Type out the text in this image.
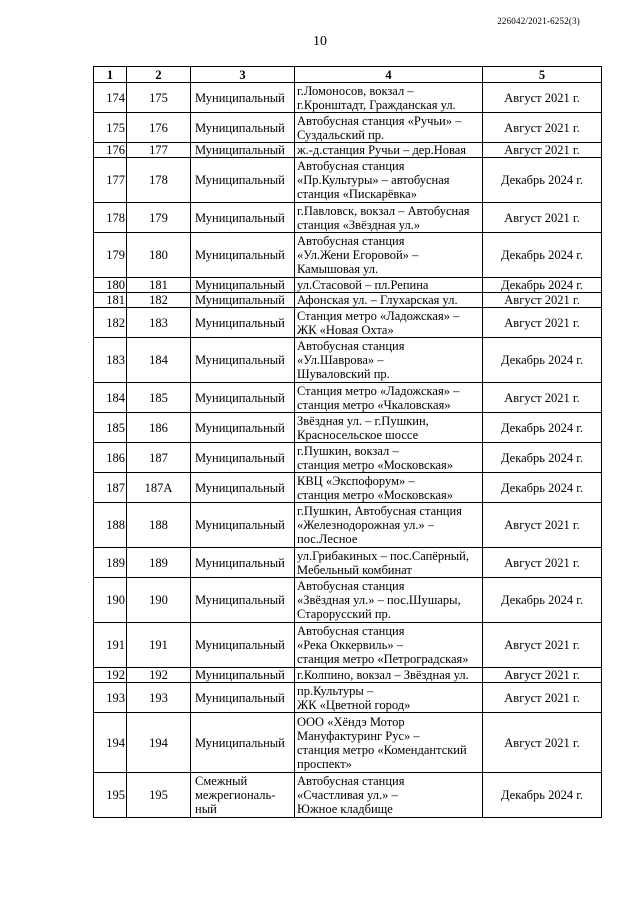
226042/2021-6252(3)
10
1	2	3	4	5
174	175	Муниципальный	г.Ломоносов, вокзал –
г.Кронштадт, Гражданская ул.	Август 2021 г.
175	176	Муниципальный	Автобусная станция «Ручьи» –
Суздальский пр.	Август 2021 г.
176	177	Муниципальный	ж.-д.станция Ручьи – дер.Новая	Август 2021 г.
177	178	Муниципальный	Автобусная станция
«Пр.Культуры» – автобусная
станция «Пискарёвка»	Декабрь 2024 г.
178	179	Муниципальный	г.Павловск, вокзал – Автобусная
станция «Звёздная ул.»	Август 2021 г.
179	180	Муниципальный	Автобусная станция
«Ул.Жени Егоровой» –
Камышовая ул.	Декабрь 2024 г.
180	181	Муниципальный	ул.Стасовой – пл.Репина	Декабрь 2024 г.
181	182	Муниципальный	Афонская ул. – Глухарская ул.	Август 2021 г.
182	183	Муниципальный	Станция метро «Ладожская» –
ЖК «Новая Охта»	Август 2021 г.
183	184	Муниципальный	Автобусная станция
«Ул.Шаврова» –
Шуваловский пр.	Декабрь 2024 г.
184	185	Муниципальный	Станция метро «Ладожская» –
станция метро «Чкаловская»	Август 2021 г.
185	186	Муниципальный	Звёздная ул. – г.Пушкин,
Красносельское шоссе	Декабрь 2024 г.
186	187	Муниципальный	г.Пушкин, вокзал –
станция метро «Московская»	Декабрь 2024 г.
187	187А	Муниципальный	КВЦ «Экспофорум» –
станция метро «Московская»	Декабрь 2024 г.
188	188	Муниципальный	г.Пушкин, Автобусная станция
«Железнодорожная ул.» –
пос.Лесное	Август 2021 г.
189	189	Муниципальный	ул.Грибакиных – пос.Сапёрный,
Мебельный комбинат	Август 2021 г.
190	190	Муниципальный	Автобусная станция
«Звёздная ул.» – пос.Шушары,
Старорусский пр.	Декабрь 2024 г.
191	191	Муниципальный	Автобусная станция
«Река Оккервиль» –
станция метро «Петроградская»	Август 2021 г.
192	192	Муниципальный	г.Колпино, вокзал – Звёздная ул.	Август 2021 г.
193	193	Муниципальный	пр.Культуры –
ЖК «Цветной город»	Август 2021 г.
194	194	Муниципальный	ООО «Хёндэ Мотор
Мануфактуринг Рус» –
станция метро «Комендантский
проспект»	Август 2021 г.
195	195	Смежный межрегиональ- ный	Автобусная станция
«Счастливая ул.» –
Южное кладбище	Декабрь 2024 г.
